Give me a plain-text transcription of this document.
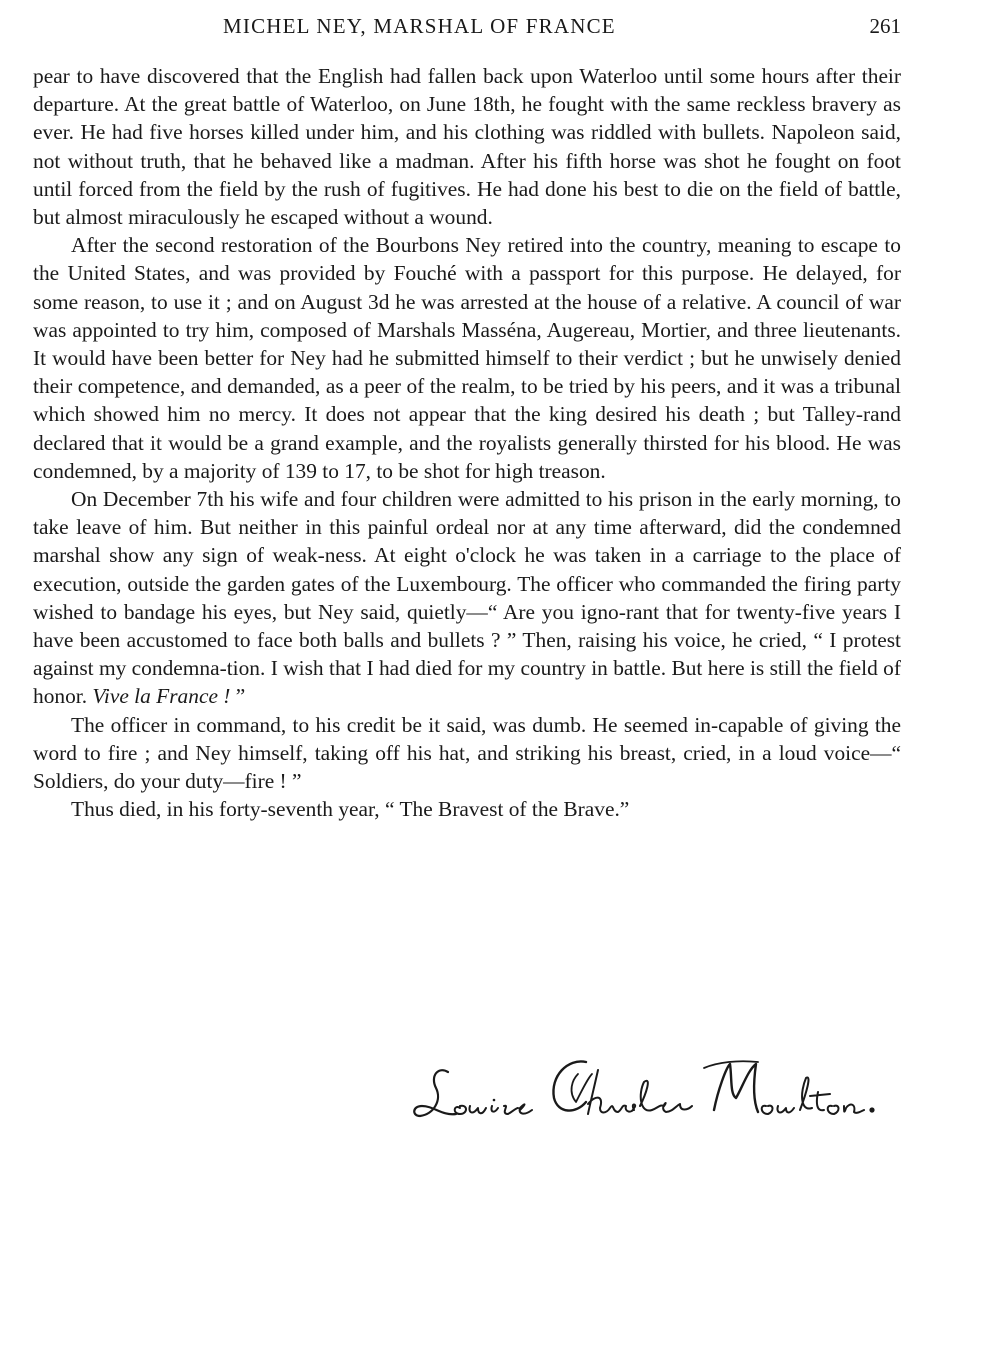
MICHEL NEY, MARSHAL OF FRANCE	261

pear to have discovered that the English had fallen back upon Waterloo until some hours after their departure. At the great battle of Waterloo, on June 18th, he fought with the same reckless bravery as ever. He had five horses killed under him, and his clothing was riddled with bullets. Napoleon said, not without truth, that he behaved like a madman. After his fifth horse was shot he fought on foot until forced from the field by the rush of fugitives. He had done his best to die on the field of battle, but almost miraculously he escaped without a wound.

After the second restoration of the Bourbons Ney retired into the country, meaning to escape to the United States, and was provided by Fouché with a passport for this purpose. He delayed, for some reason, to use it ; and on August 3d he was arrested at the house of a relative. A council of war was appointed to try him, composed of Marshals Masséna, Augereau, Mortier, and three lieutenants. It would have been better for Ney had he submitted himself to their verdict ; but he unwisely denied their competence, and demanded, as a peer of the realm, to be tried by his peers, and it was a tribunal which showed him no mercy. It does not appear that the king desired his death ; but Talley-rand declared that it would be a grand example, and the royalists generally thirsted for his blood. He was condemned, by a majority of 139 to 17, to be shot for high treason.

On December 7th his wife and four children were admitted to his prison in the early morning, to take leave of him. But neither in this painful ordeal nor at any time afterward, did the condemned marshal show any sign of weak-ness. At eight o'clock he was taken in a carriage to the place of execution, outside the garden gates of the Luxembourg. The officer who commanded the firing party wished to bandage his eyes, but Ney said, quietly—“ Are you igno-rant that for twenty-five years I have been accustomed to face both balls and bullets ? ” Then, raising his voice, he cried, “ I protest against my condemna-tion. I wish that I had died for my country in battle. But here is still the field of honor. Vive la France ! ”

The officer in command, to his credit be it said, was dumb. He seemed in-capable of giving the word to fire ; and Ney himself, taking off his hat, and striking his breast, cried, in a loud voice—“ Soldiers, do your duty—fire ! ”

Thus died, in his forty-seventh year, “ The Bravest of the Brave.”
